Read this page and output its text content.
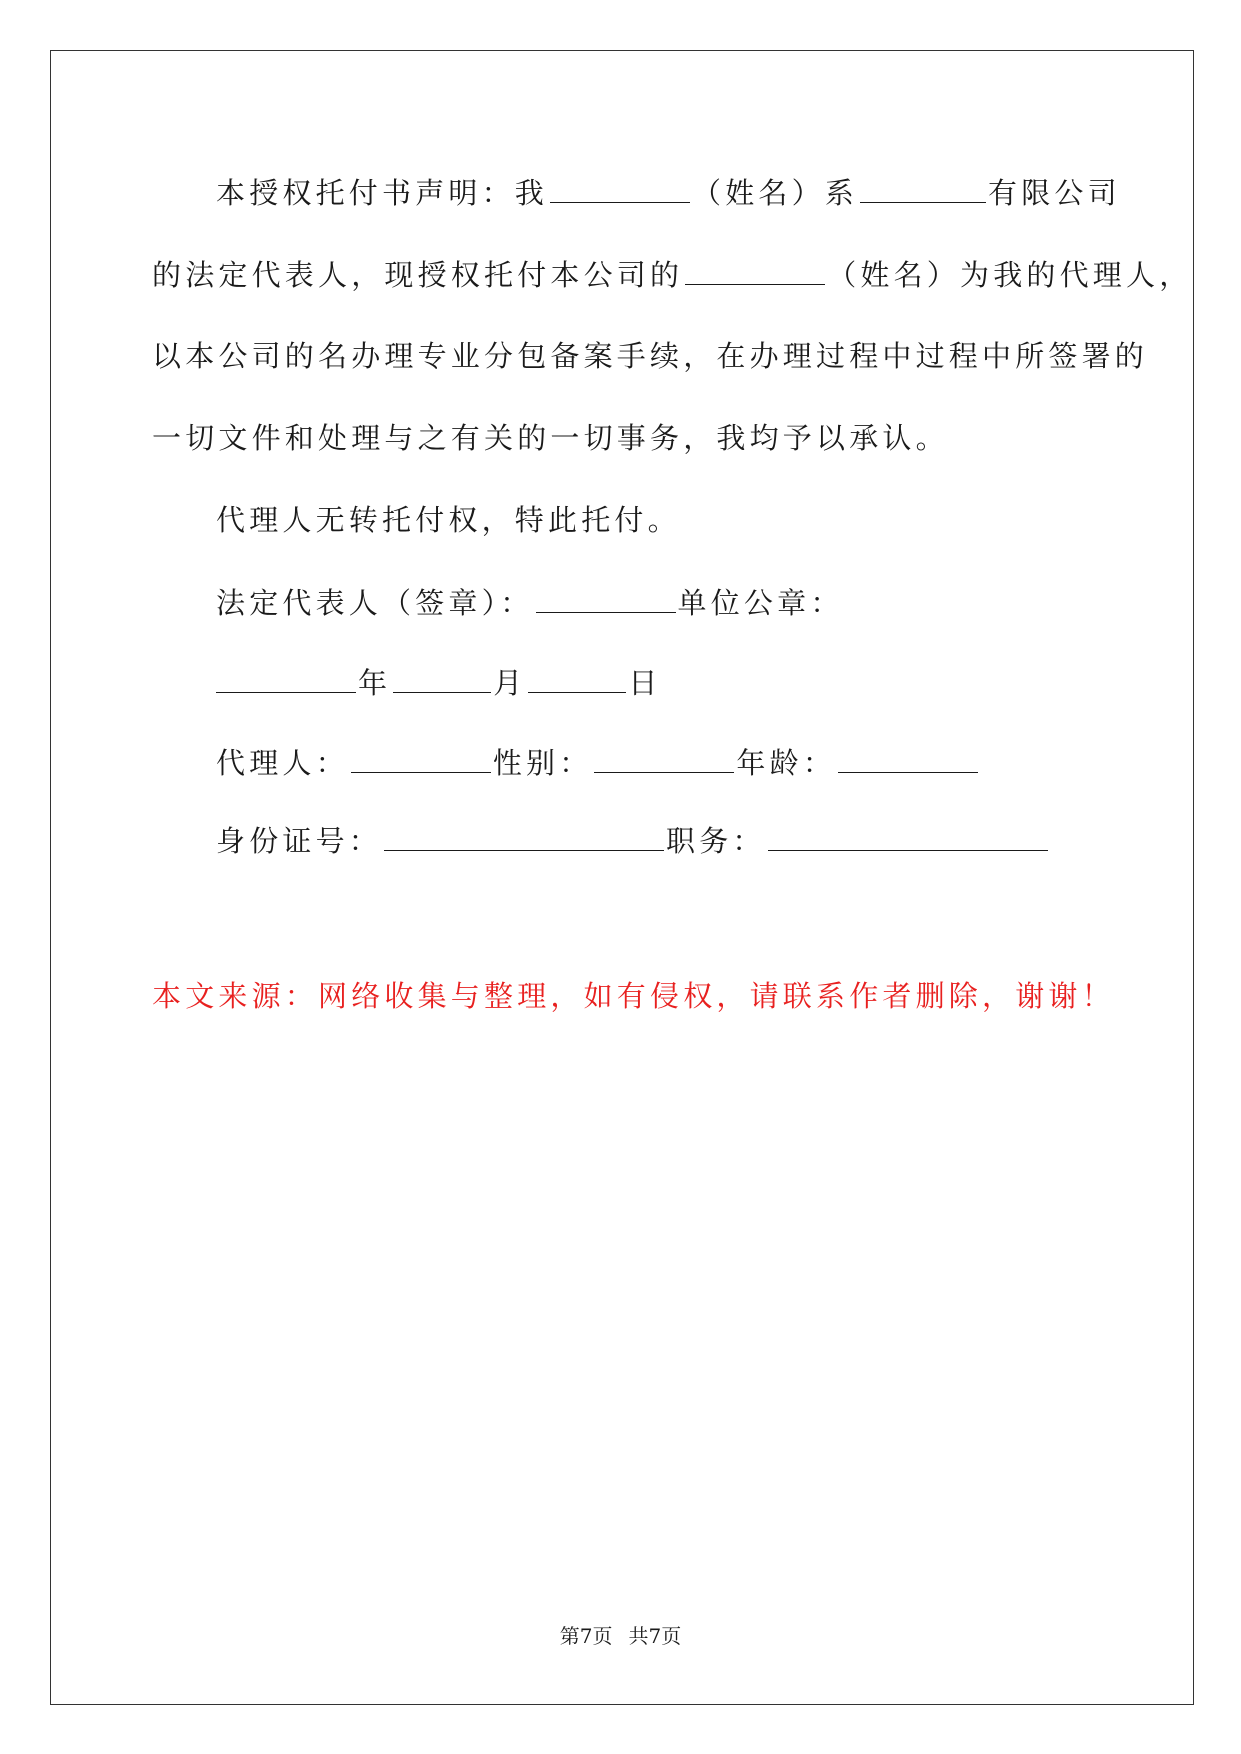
本授权托付书声明：我	（姓名）系	有限公司
的法定代表人，现授权托付本公司的	（姓名）为我的代理人，
以本公司的名办理专业分包备案手续，在办理过程中过程中所签署的
一切文件和处理与之有关的一切事务，我均予以承认。
代理人无转托付权，特此托付。
法定代表人（签章）：	单位公章：
年	月	日
代理人：	性别：	年龄：
身份证号：	职务：
本文来源：网络收集与整理，如有侵权，请联系作者删除，谢谢！
第7页 共7页
